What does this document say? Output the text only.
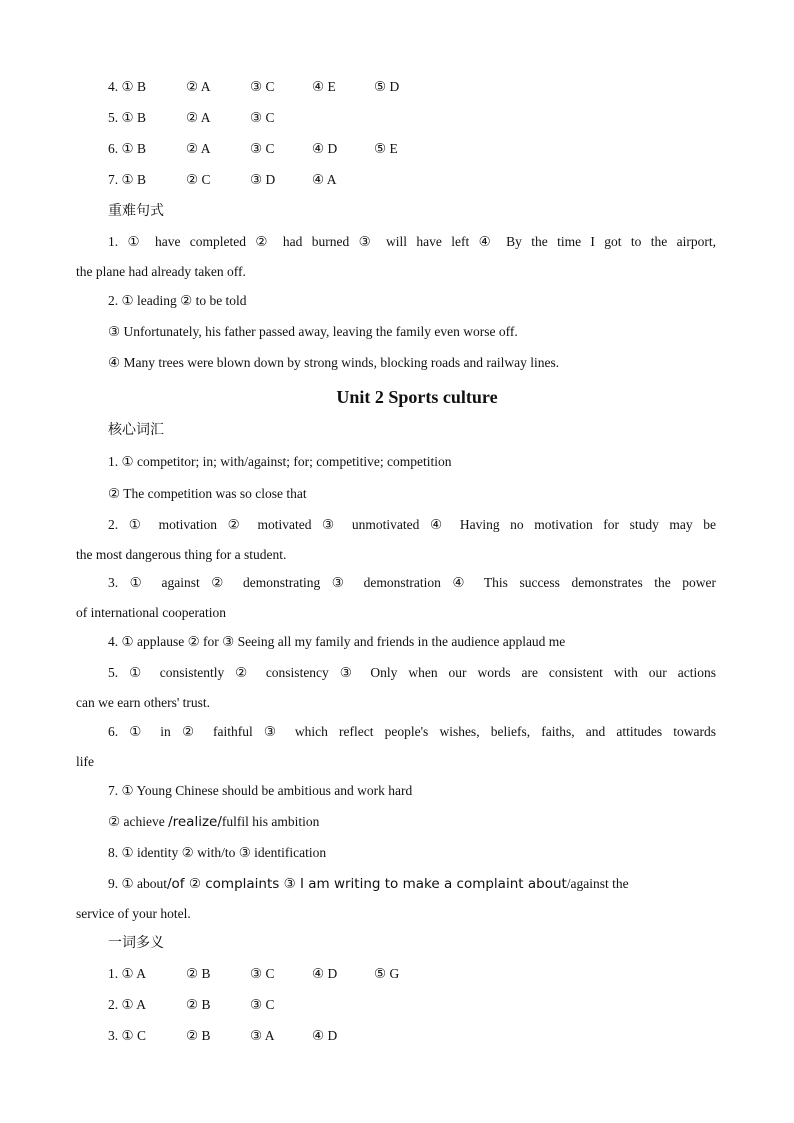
4. ① B	② A	③ C	④ E	⑤ D
5. ① B	② A	③ C
6. ① B	② A	③ C	④ D	⑤ E
7. ① B	② C	③ D	④ A
重难句式
1. ① have completed ② had burned ③ will have left ④ By the time I got to the airport,
the plane had already taken off.
2. ① leading ② to be told
③ Unfortunately, his father passed away, leaving the family even worse off.
④ Many trees were blown down by strong winds, blocking roads and railway lines.
Unit 2 Sports culture
核心词汇
1. ① competitor; in; with/against; for; competitive; competition
② The competition was so close that
2. ① motivation ② motivated ③ unmotivated ④ Having no motivation for study may be
the most dangerous thing for a student.
3. ① against ② demonstrating ③ demonstration ④ This success demonstrates the power
of international cooperation
4. ① applause ② for ③ Seeing all my family and friends in the audience applaud me
5. ① consistently ② consistency ③ Only when our words are consistent with our actions
can we earn others' trust.
6. ① in ② faithful ③ which reflect people's wishes, beliefs, faiths, and attitudes towards
life
7. ① Young Chinese should be ambitious and work hard
② achieve /realize/fulfil his ambition
8. ① identity ② with/to ③ identification
9. ① about/of ② complaints ③ I am writing to make a complaint about/against the
service of your hotel.
一词多义
1. ① A	② B	③ C	④ D	⑤ G
2. ① A	② B	③ C
3. ① C	② B	③ A	④ D
